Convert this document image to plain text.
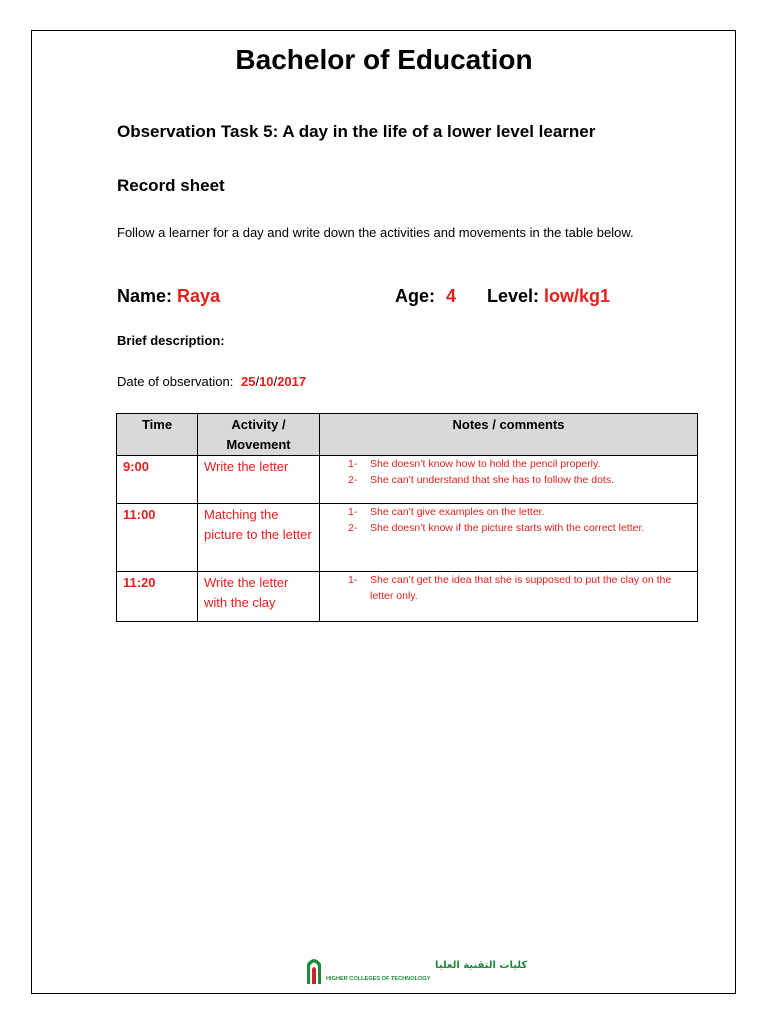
Bachelor of Education
Observation Task 5: A day in the life of a lower level learner
Record sheet
Follow a learner for a day and write down the activities and movements in the table below.
Name: Raya	Age: 4 Level: low/kg1
Brief description:
Date of observation: 25/10/2017
Time	Activity / Movement	Notes / comments
9:00	Write the letter	1- She doesn’t know how to hold the pencil properly.
2- She can’t understand that she has to follow the dots.

11:00	Matching the picture to the letter	1- She can’t give examples on the letter.
2- She doesn’t know if the picture starts with the correct letter.

11:20	Write the letter with the clay	1- She can’t get the idea that she is supposed to put the clay on the letter only.
كليات التقنية العليا
HIGHER COLLEGES OF TECHNOLOGY
